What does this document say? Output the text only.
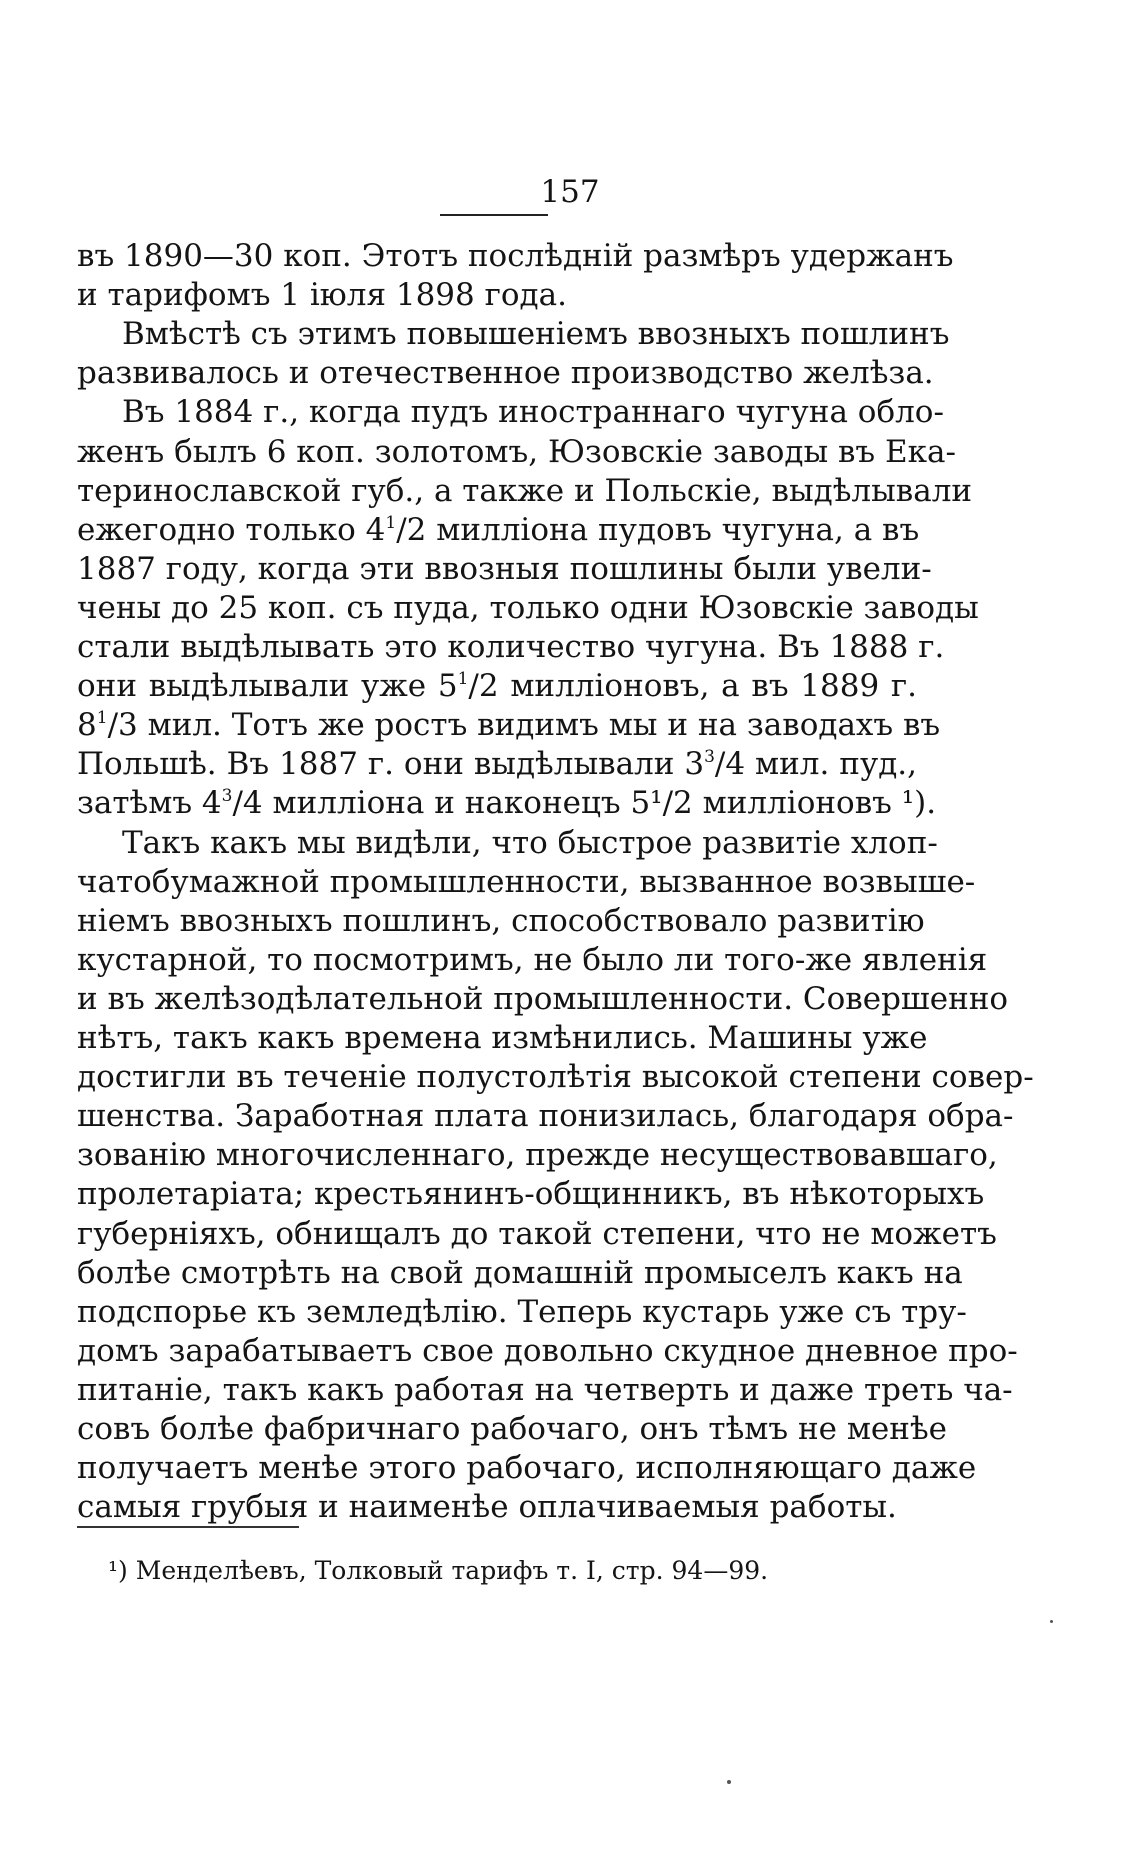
157
въ 1890—30 коп. Этотъ послѣдній размѣръ удержанъ
и тарифомъ 1 іюля 1898 года.
Вмѣстѣ съ этимъ повышеніемъ ввозныхъ пошлинъ
развивалось и отечественное производство желѣза.
Въ 1884 г., когда пудъ иностраннаго чугуна обло-
женъ былъ 6 коп. золотомъ, Юзовскіе заводы въ Ека-
теринославской губ., а также и Польскіе, выдѣлывали
ежегодно только $4^1/2$ милліона пудовъ чугуна, а въ
1887 году, когда эти ввозныя пошлины были увели-
чены до 25 коп. съ пуда, только одни Юзовскіе заводы
стали выдѣлывать это количество чугуна. Въ 1888 г.
они выдѣлывали уже $5^1/2$ милліоновъ, а въ 1889 г.
$8^1/3$ мил. Тотъ же ростъ видимъ мы и на заводахъ въ
Польшѣ. Въ 1887 г. они выдѣлывали $3^3/4$ мил. пуд.,
затѣмъ $4^3/4$ милліона и наконецъ 5¹/2 милліоновъ ¹).
Такъ какъ мы видѣли, что быстрое развитіе хлоп-
чатобумажной промышленности, вызванное возвыше-
ніемъ ввозныхъ пошлинъ, способствовало развитію
кустарной, то посмотримъ, не было ли того-же явленія
и въ желѣзодѣлательной промышленности. Совершенно
нѣтъ, такъ какъ времена измѣнились. Машины уже
достигли въ теченіе полустолѣтія высокой степени совер-
шенства. Заработная плата понизилась, благодаря обра-
зованію многочисленнаго, прежде несуществовавшаго,
пролетаріата; крестьянинъ-общинникъ, въ нѣкоторыхъ
губерніяхъ, обнищалъ до такой степени, что не можетъ
болѣе смотрѣть на свой домашній промыселъ какъ на
подспорье къ земледѣлію. Теперь кустарь уже съ тру-
домъ зарабатываетъ свое довольно скудное дневное про-
питаніе, такъ какъ работая на четверть и даже треть ча-
совъ болѣе фабричнаго рабочаго, онъ тѣмъ не менѣе
получаетъ менѣе этого рабочаго, исполняющаго даже
самыя грубыя и наименѣе оплачиваемыя работы.
¹) Менделѣевъ, Толковый тарифъ т. I, стр. 94—99.
